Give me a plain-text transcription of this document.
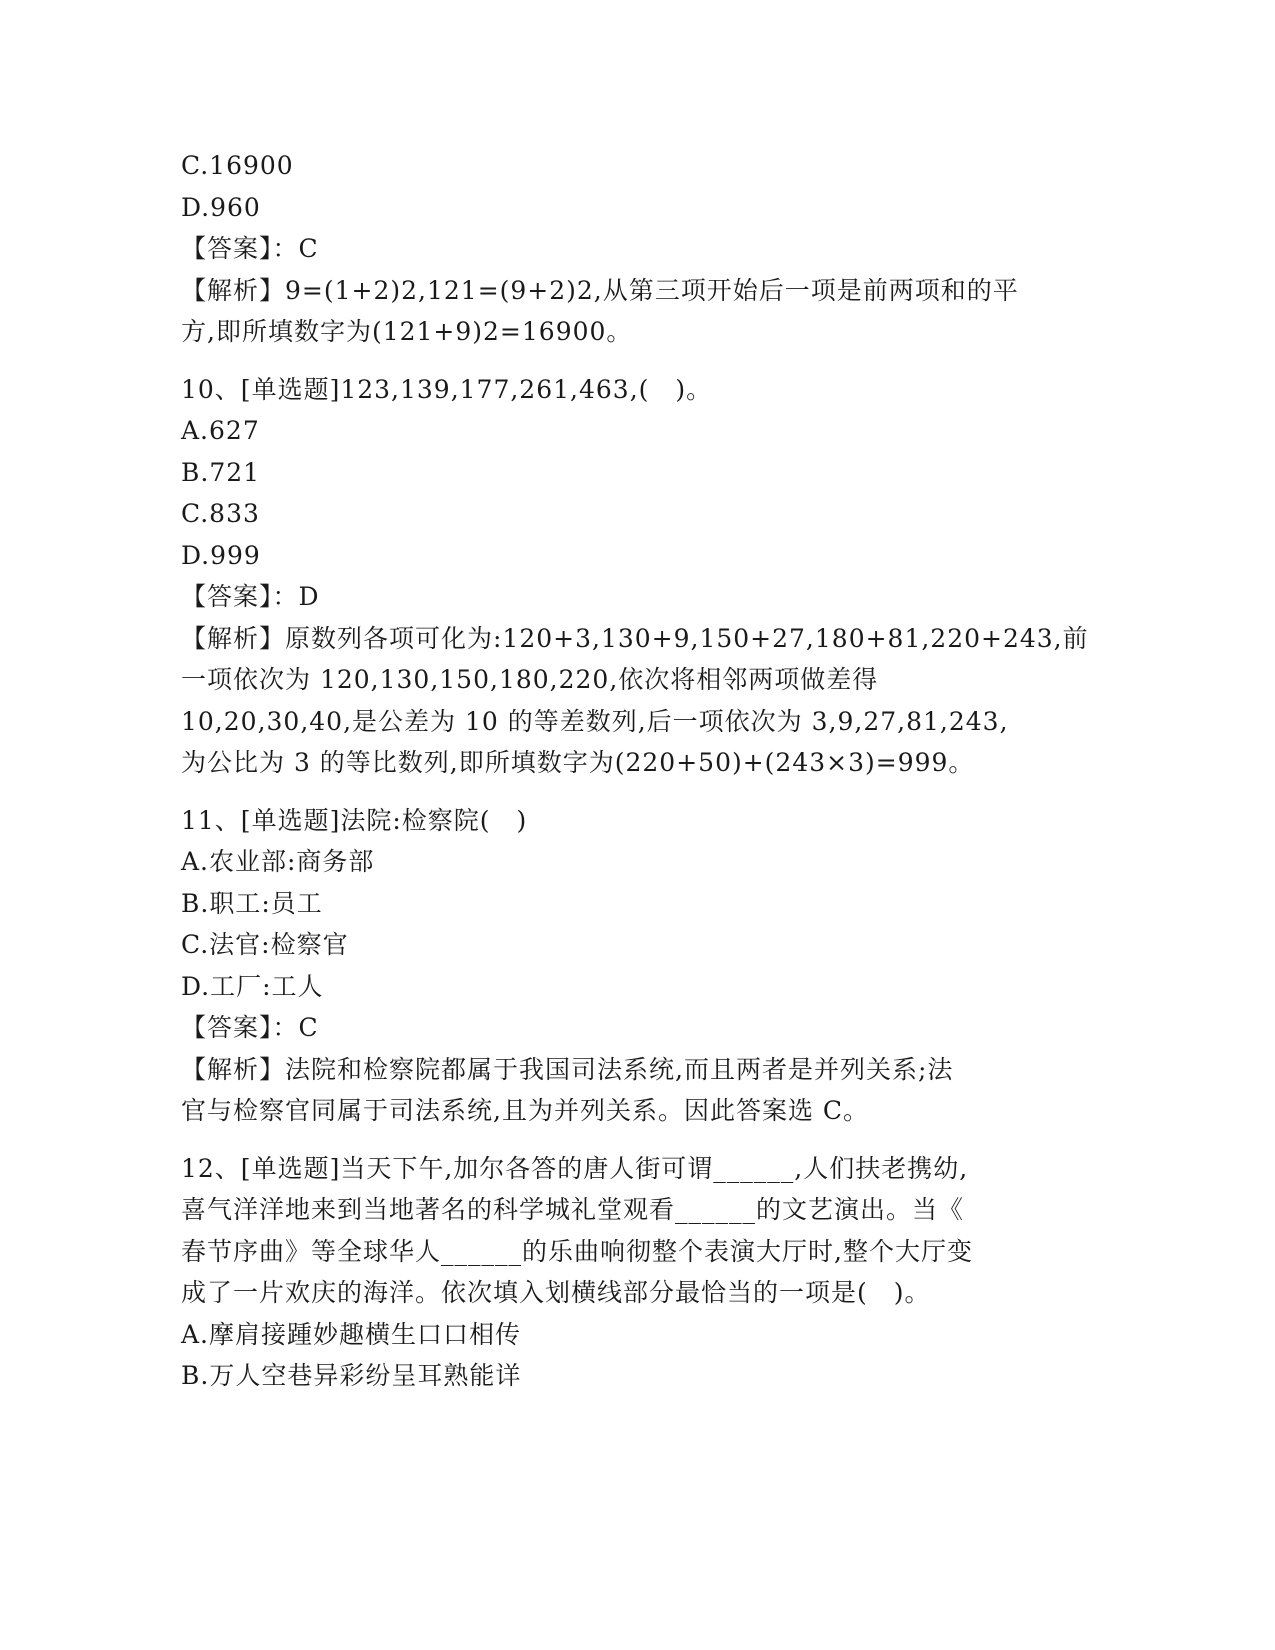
C.16900
D.960
【答案】：C
【解析】9=(1+2)2,121=(9+2)2,从第三项开始后一项是前两项和的平
方,即所填数字为(121+9)2=16900。
10、[单选题]123,139,177,261,463,(　)。
A.627
B.721
C.833
D.999
【答案】：D
【解析】原数列各项可化为:120+3,130+9,150+27,180+81,220+243,前
一项依次为 120,130,150,180,220,依次将相邻两项做差得
10,20,30,40,是公差为 10 的等差数列,后一项依次为 3,9,27,81,243,
为公比为 3 的等比数列,即所填数字为(220+50)+(243×3)=999。
11、[单选题]法院:检察院(　)
A.农业部:商务部
B.职工:员工
C.法官:检察官
D.工厂:工人
【答案】：C
【解析】法院和检察院都属于我国司法系统,而且两者是并列关系;法
官与检察官同属于司法系统,且为并列关系。因此答案选 C。
12、[单选题]当天下午,加尔各答的唐人街可谓______,人们扶老携幼,
喜气洋洋地来到当地著名的科学城礼堂观看______的文艺演出。当《
春节序曲》等全球华人______的乐曲响彻整个表演大厅时,整个大厅变
成了一片欢庆的海洋。依次填入划横线部分最恰当的一项是(　)。
A.摩肩接踵妙趣横生口口相传
B.万人空巷异彩纷呈耳熟能详
